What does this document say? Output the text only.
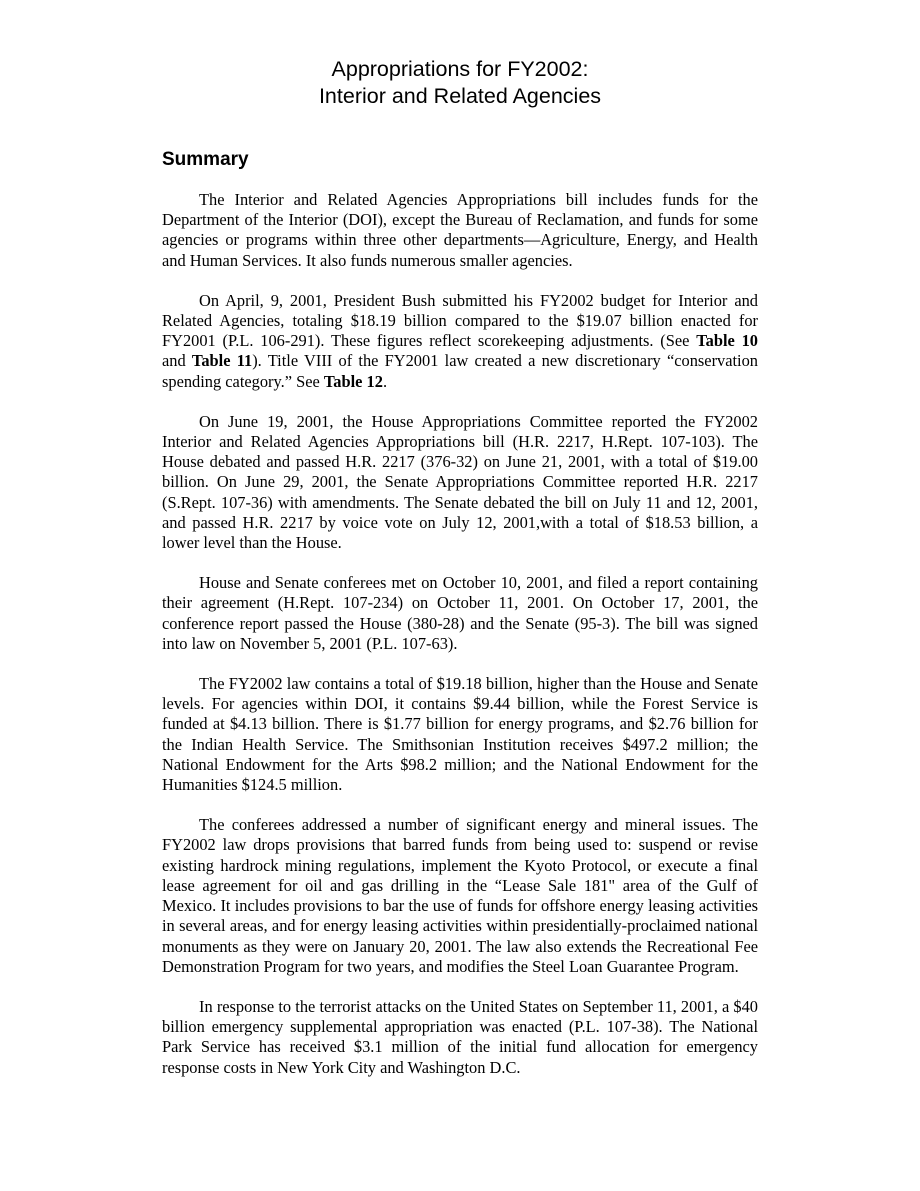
Appropriations for FY2002:
Interior and Related Agencies
Summary

The Interior and Related Agencies Appropriations bill includes funds for the Department of the Interior (DOI), except the Bureau of Reclamation, and funds for some agencies or programs within three other departments—Agriculture, Energy, and Health and Human Services. It also funds numerous smaller agencies.

On April, 9, 2001, President Bush submitted his FY2002 budget for Interior and Related Agencies, totaling $18.19 billion compared to the $19.07 billion enacted for FY2001 (P.L. 106-291). These figures reflect scorekeeping adjustments. (See Table 10 and Table 11). Title VIII of the FY2001 law created a new discretionary “conservation spending category.” See Table 12.

On June 19, 2001, the House Appropriations Committee reported the FY2002 Interior and Related Agencies Appropriations bill (H.R. 2217, H.Rept. 107-103). The House debated and passed H.R. 2217 (376-32) on June 21, 2001, with a total of $19.00 billion. On June 29, 2001, the Senate Appropriations Committee reported H.R. 2217 (S.Rept. 107-36) with amendments. The Senate debated the bill on July 11 and 12, 2001, and passed H.R. 2217 by voice vote on July 12, 2001,with a total of $18.53 billion, a lower level than the House.

House and Senate conferees met on October 10, 2001, and filed a report containing their agreement (H.Rept. 107-234) on October 11, 2001. On October 17, 2001, the conference report passed the House (380-28) and the Senate (95-3). The bill was signed into law on November 5, 2001 (P.L. 107-63).

The FY2002 law contains a total of $19.18 billion, higher than the House and Senate levels. For agencies within DOI, it contains $9.44 billion, while the Forest Service is funded at $4.13 billion. There is $1.77 billion for energy programs, and $2.76 billion for the Indian Health Service. The Smithsonian Institution receives $497.2 million; the National Endowment for the Arts $98.2 million; and the National Endowment for the Humanities $124.5 million.

The conferees addressed a number of significant energy and mineral issues. The FY2002 law drops provisions that barred funds from being used to: suspend or revise existing hardrock mining regulations, implement the Kyoto Protocol, or execute a final lease agreement for oil and gas drilling in the “Lease Sale 181" area of the Gulf of Mexico. It includes provisions to bar the use of funds for offshore energy leasing activities in several areas, and for energy leasing activities within presidentially-proclaimed national monuments as they were on January 20, 2001. The law also extends the Recreational Fee Demonstration Program for two years, and modifies the Steel Loan Guarantee Program.

In response to the terrorist attacks on the United States on September 11, 2001, a $40 billion emergency supplemental appropriation was enacted (P.L. 107-38). The National Park Service has received $3.1 million of the initial fund allocation for emergency response costs in New York City and Washington D.C.
